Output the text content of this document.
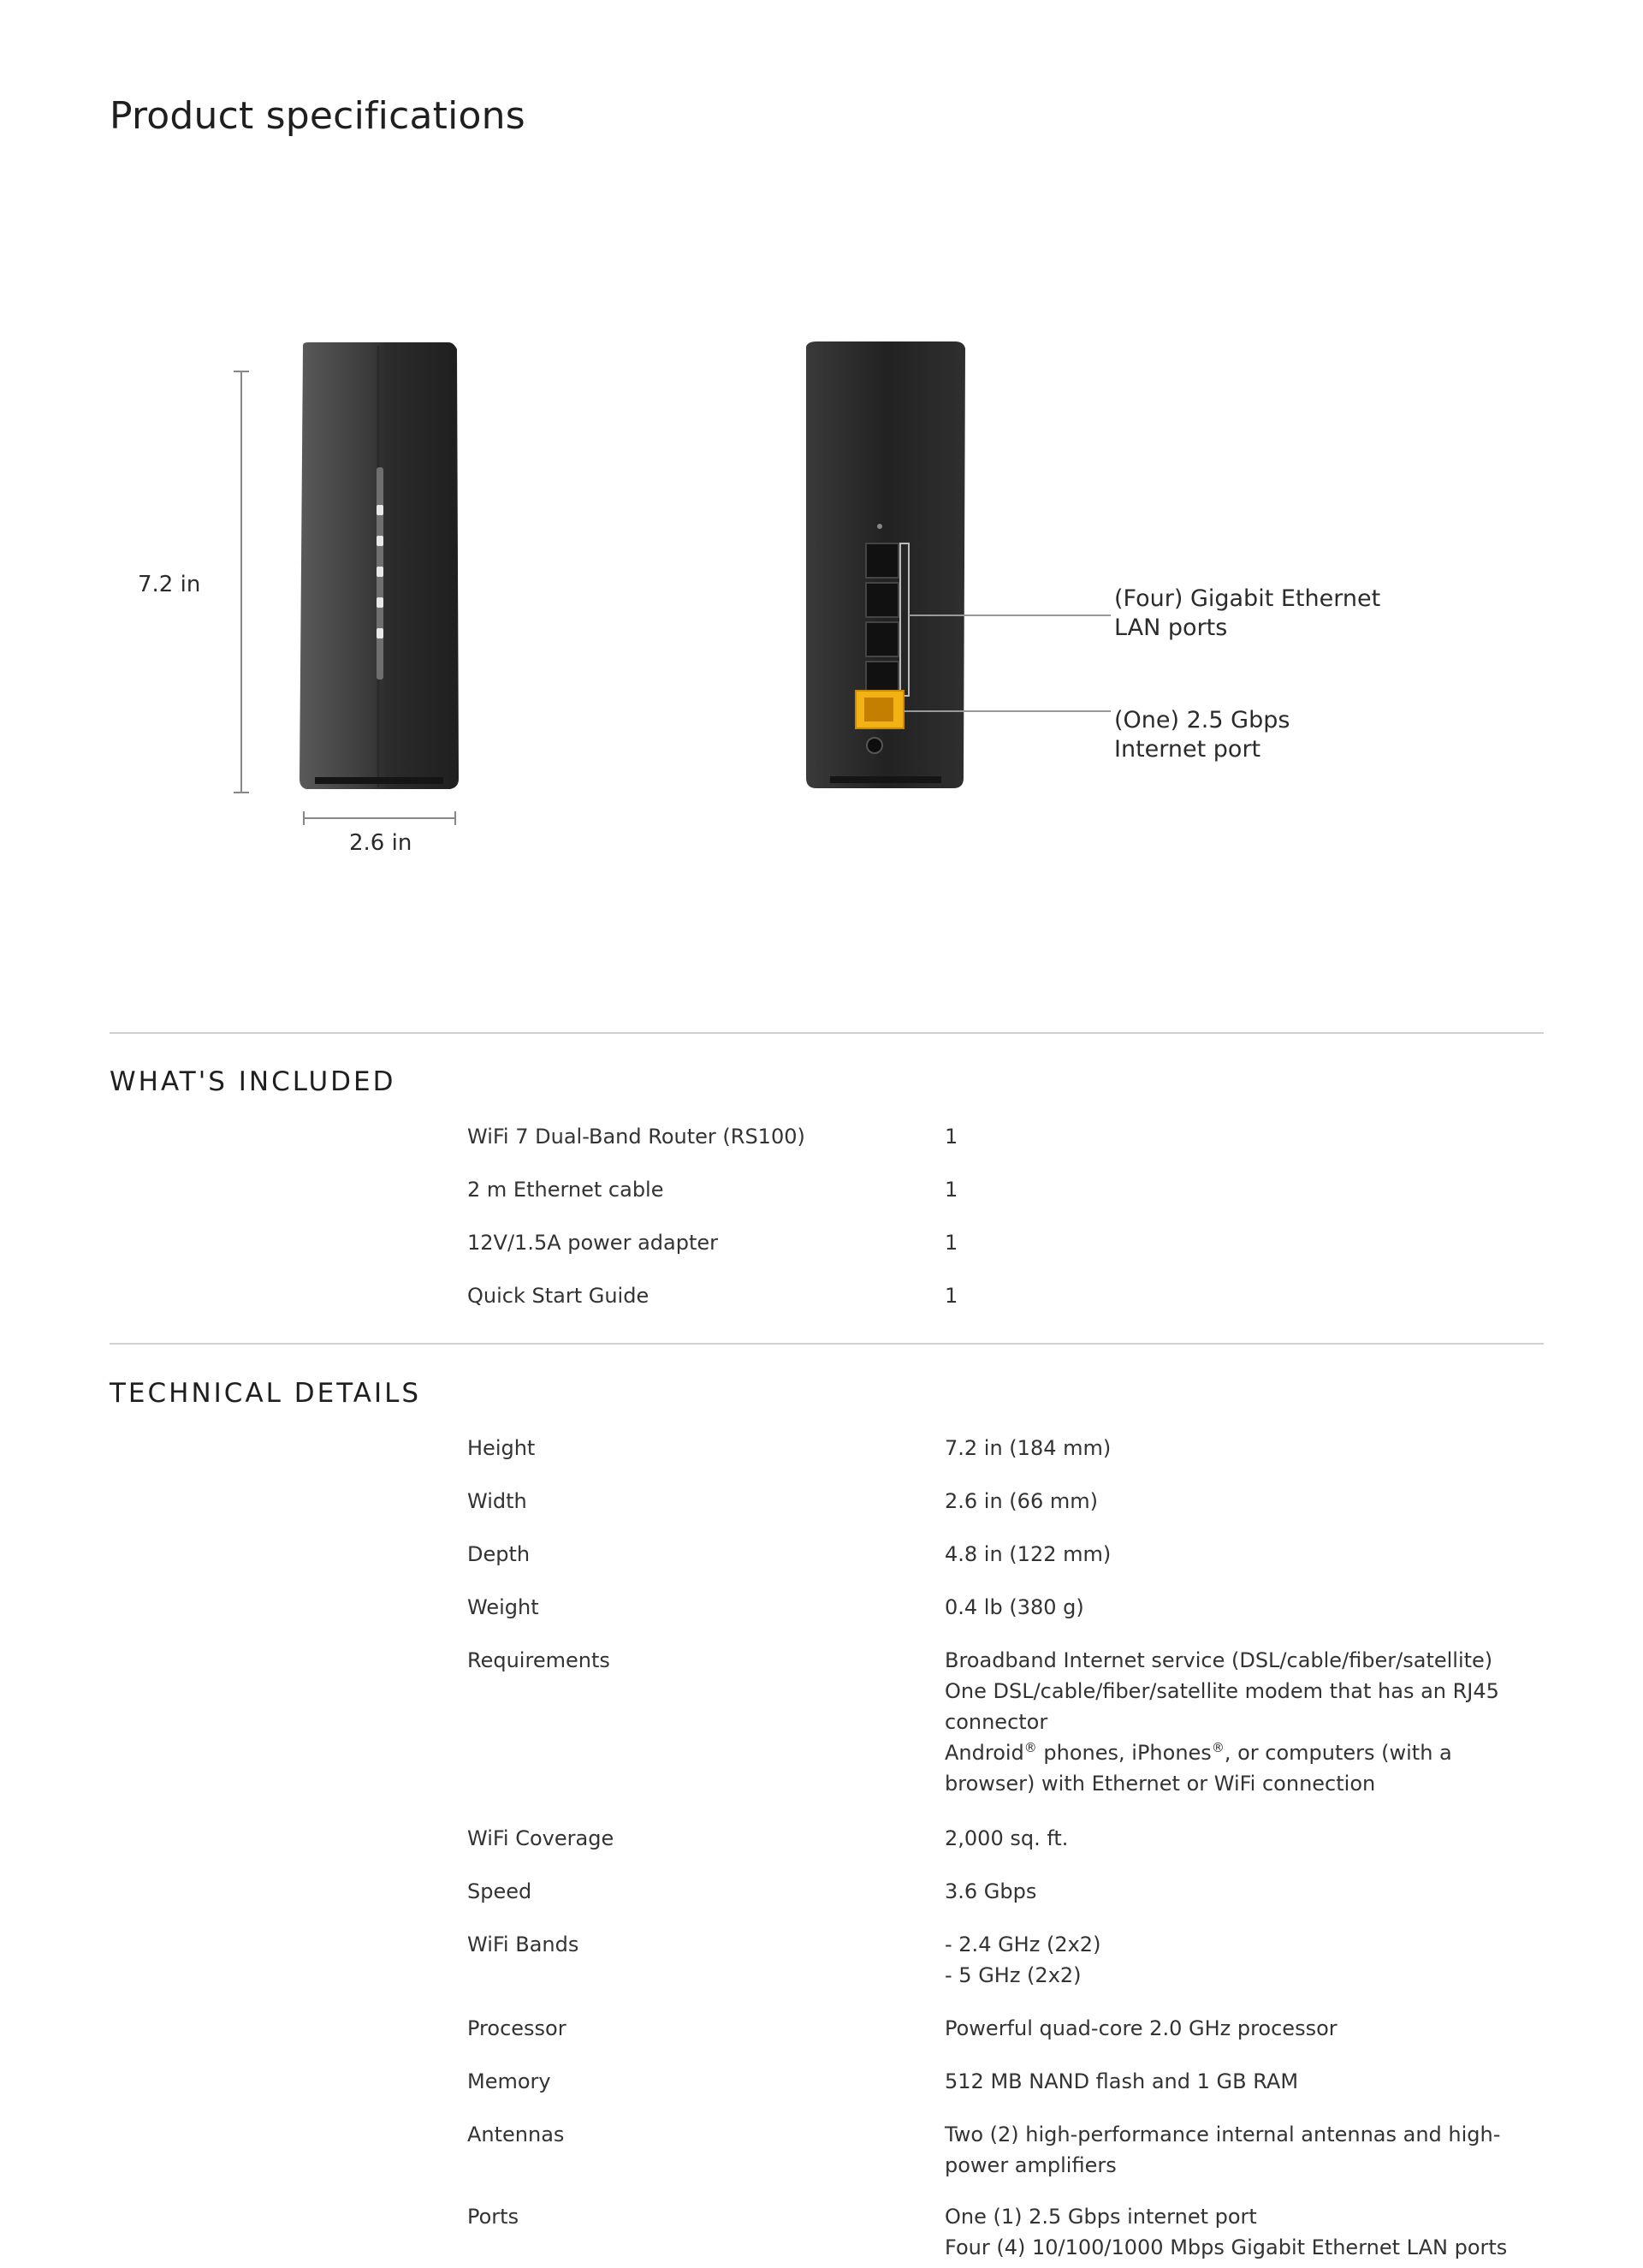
Product specifications
7.2 in
2.6 in
(Four) Gigabit Ethernet
LAN ports
(One) 2.5 Gbps
Internet port
WHAT'S INCLUDED
WiFi 7 Dual-Band Router (RS100)	1
2 m Ethernet cable	1
12V/1.5A power adapter	1
Quick Start Guide	1
TECHNICAL DETAILS
Height	7.2 in (184 mm)
Width	2.6 in (66 mm)
Depth	4.8 in (122 mm)
Weight	0.4 lb (380 g)
Requirements	Broadband Internet service (DSL/cable/fiber/satellite)
One DSL/cable/fiber/satellite modem that has an RJ45 connector
Android® phones, iPhones®, or computers (with a browser) with Ethernet or WiFi connection
WiFi Coverage	2,000 sq. ft.
Speed	3.6 Gbps
WiFi Bands	- 2.4 GHz (2x2)
- 5 GHz (2x2)
Processor	Powerful quad-core 2.0 GHz processor
Memory	512 MB NAND flash and 1 GB RAM
Antennas	Two (2) high-performance internal antennas and high-power amplifiers
Ports	One (1) 2.5 Gbps internet port
Four (4) 10/100/1000 Mbps Gigabit Ethernet LAN ports
